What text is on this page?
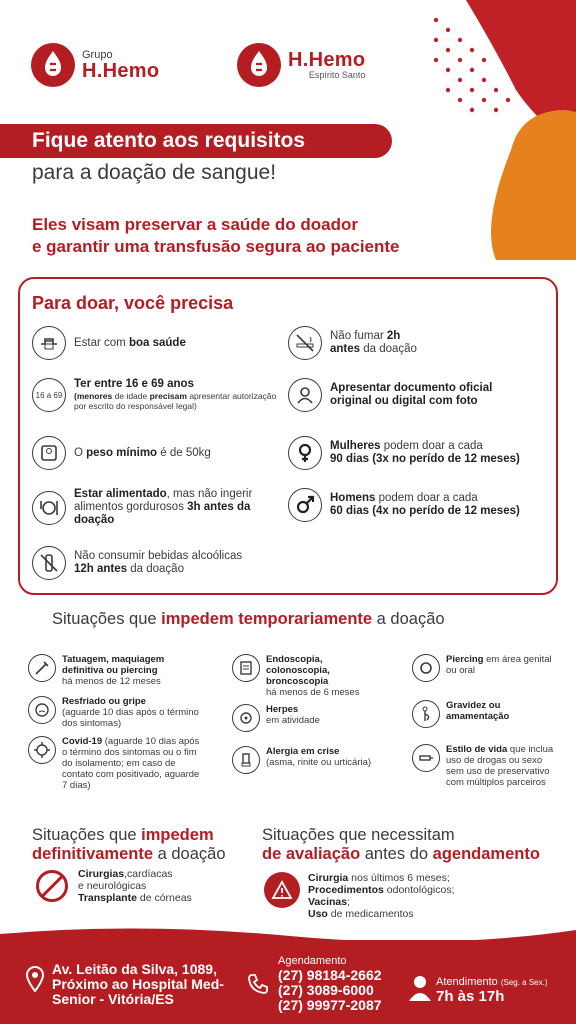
Grupo
H.Hemo	H.Hemo
Espírito Santo
Fique atento aos requisitos
para a doação de sangue!
Eles visam preservar a saúde do doador
e garantir uma transfusão segura ao paciente
Para doar, você precisa
Estar com boa saúde
16 a 69
Ter entre 16 e 69 anos
(menores de idade precisam apresentar autorização por escrito do responsável legal)
O peso mínimo é de 50kg
Estar alimentado, mas não ingerir alimentos gordurosos 3h antes da doação
Não consumir bebidas alcoólicas
12h antes da doação
Não fumar 2h
antes da doação
Apresentar documento oficial original ou digital com foto
Mulheres podem doar a cada
90 dias (3x no perído de 12 meses)
Homens podem doar a cada
60 dias (4x no perído de 12 meses)
Situações que impedem temporariamente a doação
Tatuagem, maquiagem definitiva ou piercing
há menos de 12 meses
Resfriado ou gripe
(aguarde 10 dias após o término dos sintomas)
Covid-19 (aguarde 10 dias após o término dos sintomas ou o fim do isolamento; em caso de contato com positivado, aguarde 7 dias)
Endoscopia, colonoscopia, broncoscopia
há menos de 6 meses
Herpes
em atividade
Alergia em crise
(asma, rinite ou urticária)
Piercing em área genital ou oral
Gravidez ou amamentação
Estilo de vida que inclua uso de drogas ou sexo sem uso de preservativo com múltiplos parceiros
Situações que impedem
definitivamente a doação
Cirurgias,cardíacas
e neurológicas
Transplante de córneas
Situações que necessitam
de avaliação antes do agendamento
Cirurgia nos últimos 6 meses;
Procedimentos odontológicos;
Vacinas;
Uso de medicamentos
Av. Leitão da Silva, 1089,
Próximo ao Hospital Med-
Senior - Vitória/ES
Agendamento
(27) 98184-2662
(27) 3089-6000
(27) 99977-2087
Atendimento (Seg. a Sex.)
7h às 17h
